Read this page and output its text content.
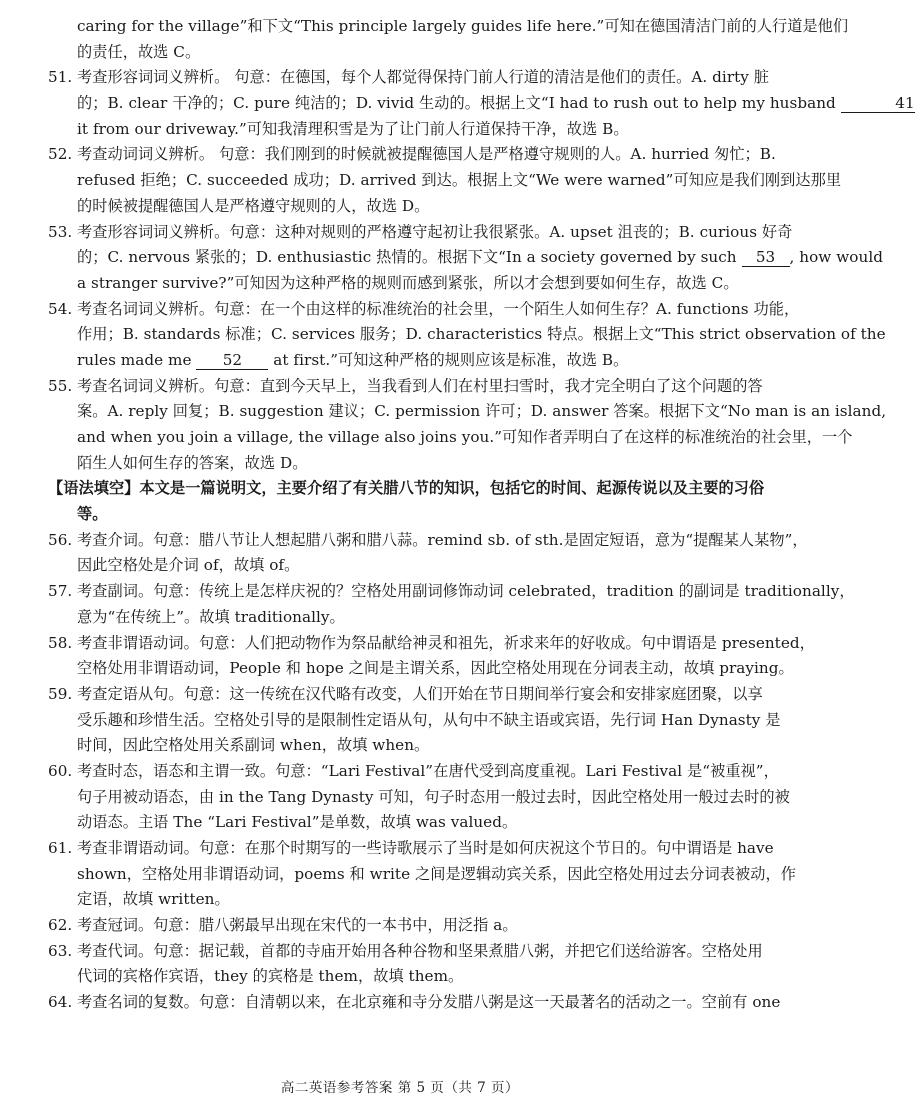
caring for the village”和下文“This principle largely guides life here.”可知在德国清洁门前的人行道是他们
的责任，故选 C。
51. 考查形容词词义辨析。 句意：在德国，每个人都觉得保持门前人行道的清洁是他们的责任。A. dirty 脏
的；B. clear 干净的；C. pure 纯洁的；D. vivid 生动的。根据上文“I had to rush out to help my husband	41
it from our driveway.”可知我清理积雪是为了让门前人行道保持干净，故选 B。
52. 考查动词词义辨析。 句意：我们刚到的时候就被提醒德国人是严格遵守规则的人。A. hurried 匆忙；B.
refused 拒绝；C. succeeded 成功；D. arrived 到达。根据上文“We were warned”可知应是我们刚到达那里
的时候被提醒德国人是严格遵守规则的人，故选 D。
53. 考查形容词词义辨析。句意：这种对规则的严格遵守起初让我很紧张。A. upset 沮丧的；B. curious 好奇
的；C. nervous 紧张的；D. enthusiastic 热情的。根据下文“In a society governed by such 53 , how would
a stranger survive?”可知因为这种严格的规则而感到紧张，所以才会想到要如何生存，故选 C。
54. 考查名词词义辨析。句意：在一个由这样的标准统治的社会里，一个陌生人如何生存？A. functions 功能，
作用；B. standards 标准；C. services 服务；D. characteristics 特点。根据上文“This strict observation of the
rules made me 52 at first.”可知这种严格的规则应该是标准，故选 B。
55. 考查名词词义辨析。句意：直到今天早上，当我看到人们在村里扫雪时，我才完全明白了这个问题的答
案。A. reply 回复；B. suggestion 建议；C. permission 许可；D. answer 答案。根据下文“No man is an island,
and when you join a village, the village also joins you.”可知作者弄明白了在这样的标准统治的社会里，一个
陌生人如何生存的答案，故选 D。
【语法填空】本文是一篇说明文，主要介绍了有关腊八节的知识，包括它的时间、起源传说以及主要的习俗
等。
56. 考查介词。句意：腊八节让人想起腊八粥和腊八蒜。remind sb. of sth.是固定短语，意为“提醒某人某物”，
因此空格处是介词 of，故填 of。
57. 考查副词。句意：传统上是怎样庆祝的？空格处用副词修饰动词 celebrated，tradition 的副词是 traditionally，
意为“在传统上”。故填 traditionally。
58. 考查非谓语动词。句意：人们把动物作为祭品献给神灵和祖先，祈求来年的好收成。句中谓语是 presented，
空格处用非谓语动词，People 和 hope 之间是主谓关系，因此空格处用现在分词表主动，故填 praying。
59. 考查定语从句。句意：这一传统在汉代略有改变，人们开始在节日期间举行宴会和安排家庭团聚，以享
受乐趣和珍惜生活。空格处引导的是限制性定语从句，从句中不缺主语或宾语，先行词 Han Dynasty 是
时间，因此空格处用关系副词 when，故填 when。
60. 考查时态，语态和主谓一致。句意：“Lari Festival”在唐代受到高度重视。Lari Festival 是“被重视”，
句子用被动语态，由 in the Tang Dynasty 可知，句子时态用一般过去时，因此空格处用一般过去时的被
动语态。主语 The “Lari Festival”是单数，故填 was valued。
61. 考查非谓语动词。句意：在那个时期写的一些诗歌展示了当时是如何庆祝这个节日的。句中谓语是 have
shown，空格处用非谓语动词，poems 和 write 之间是逻辑动宾关系，因此空格处用过去分词表被动，作
定语，故填 written。
62. 考查冠词。句意：腊八粥最早出现在宋代的一本书中，用泛指 a。
63. 考查代词。句意：据记载，首都的寺庙开始用各种谷物和坚果煮腊八粥，并把它们送给游客。空格处用
代词的宾格作宾语，they 的宾格是 them，故填 them。
64. 考查名词的复数。句意：自清朝以来，在北京雍和寺分发腊八粥是这一天最著名的活动之一。空前有 one
高二英语参考答案 第 5 页（共 7 页）
